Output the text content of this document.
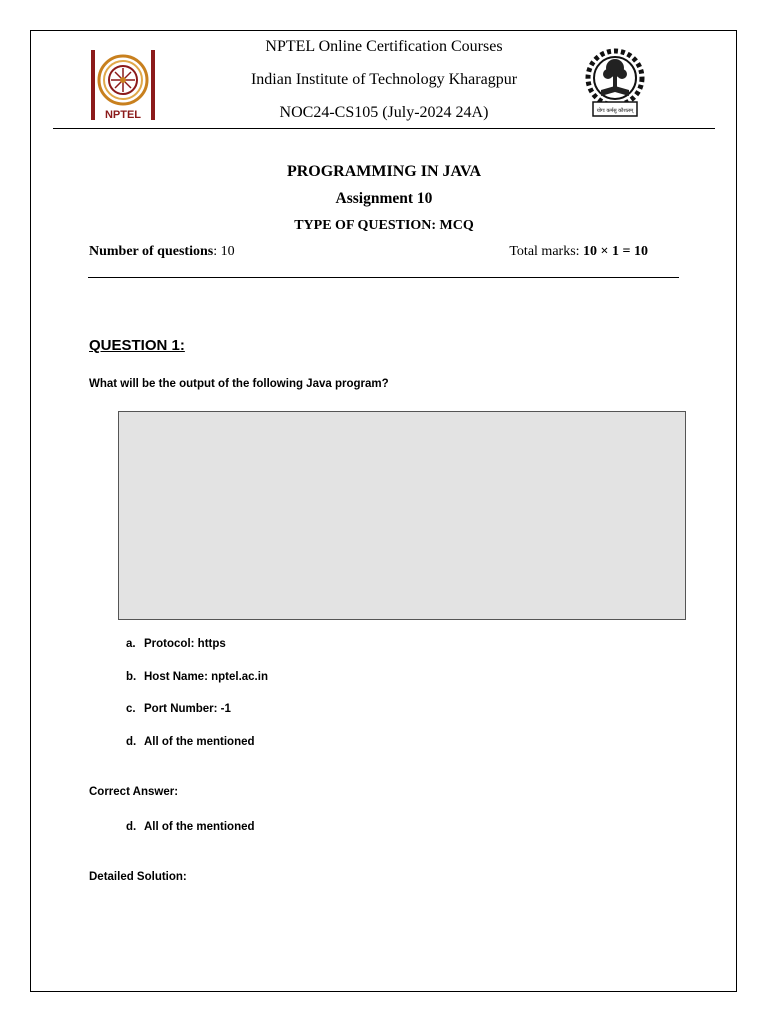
NPTEL	योगः कर्मसु कौशलम्
NPTEL Online Certification Courses
Indian Institute of Technology Kharagpur
NOC24-CS105 (July-2024 24A)
PROGRAMMING IN JAVA
Assignment 10
TYPE OF QUESTION: MCQ
Number of questions: 10	Total marks: 10 × 1 = 10
QUESTION 1:
What will be the output of the following Java program?
a. Protocol: https
b. Host Name: nptel.ac.in
c. Port Number: -1
d. All of the mentioned
Correct Answer:
d. All of the mentioned
Detailed Solution:
